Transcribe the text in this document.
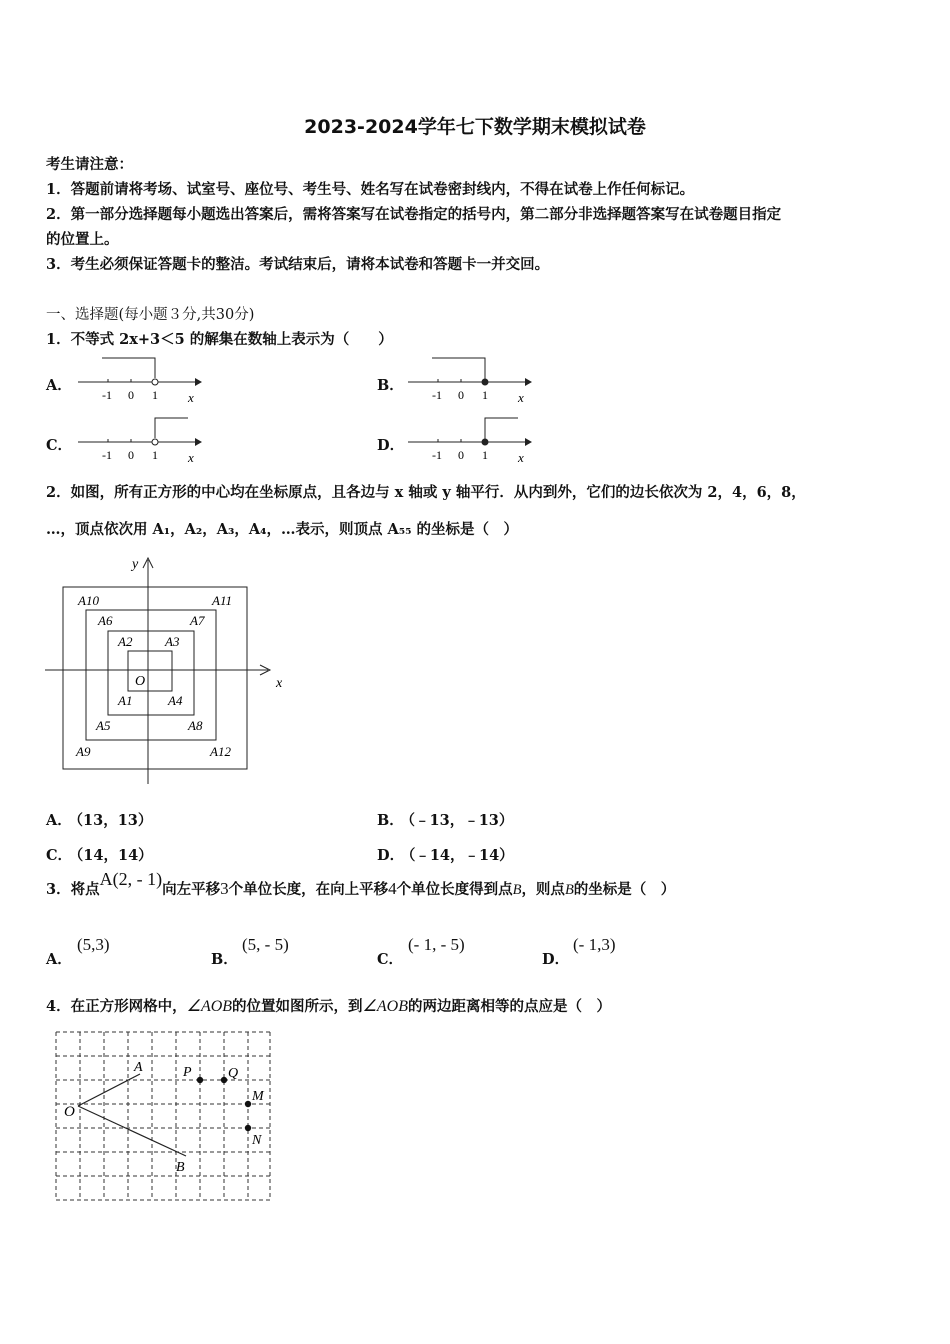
2023-2024学年七下数学期末模拟试卷
考生请注意：
1．答题前请将考场、试室号、座位号、考生号、姓名写在试卷密封线内，不得在试卷上作任何标记。
2．第一部分选择题每小题选出答案后，需将答案写在试卷指定的括号内，第二部分非选择题答案写在试卷题目指定
的位置上。
3．考生必须保证答题卡的整洁。考试结束后，请将本试卷和答题卡一并交回。
一、选择题(每小题３分,共30分)
1．不等式 2x+3＜5 的解集在数轴上表示为（　　）
A．
-1 0 1 x
B．
-1 0 1 x
C．
-1 0 1 x
D．
-1 0 1 x
2．如图，所有正方形的中心均在坐标原点，且各边与 x 轴或 y 轴平行．从内到外，它们的边长依次为 2，4，6，8，
…，顶点依次用 A₁，A₂，A₃，A₄，…表示，则顶点 A₅₅ 的坐标是（　）
x
y
O
A2	A3
A1	A4
A6	A7
A5	A8
A10	A11
A9	A12
A． （13，13）	B． （﹣13，﹣13）
C． （14，14）	D． （﹣14，﹣14）
3．将点A(2, - 1)向左平移3个单位长度，在向上平移4个单位长度得到点B，则点B的坐标是（　）
A．
(5,3)
B．
(5, - 5)
C．
(- 1, - 5)
D．
(- 1,3)
4．在正方形网格中，∠AOB的位置如图所示，到∠AOB的两边距离相等的点应是（　）
O
A
B
P	Q
M
N
